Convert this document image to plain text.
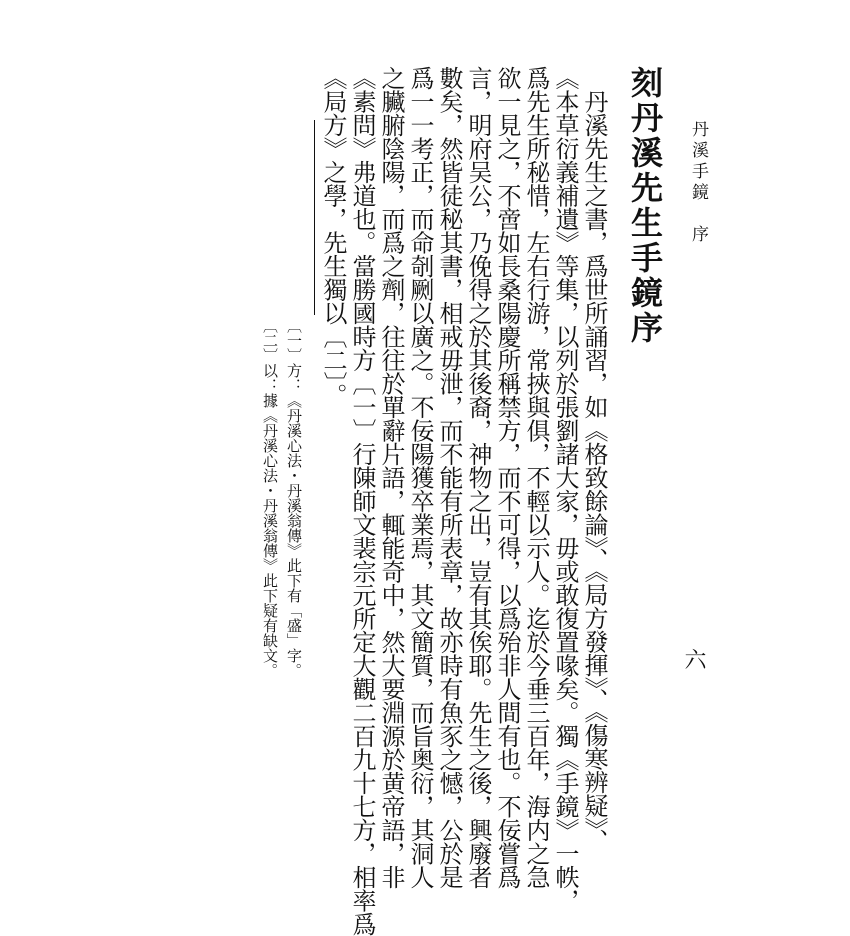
丹溪手鏡　序
六
刻丹溪先生手鏡序

　丹溪先生之書，爲世所誦習，如《格致餘論》、《局方發揮》、《傷寒辨疑》、

《本草衍義補遺》等集，以列於張劉諸大家，毋或敢復置喙矣。獨《手鏡》一帙，

爲先生所秘惜，左右行游，常挾與俱，不輕以示人。迄於今垂三百年，海内之急

欲一見之，不啻如長桑陽慶所稱禁方，而不可得，以爲殆非人間有也。不佞嘗爲

言，明府吴公，乃俛得之於其後裔，神物之出，豈有其俟耶。先生之後，興廢者

數矣，然皆徒秘其書，相戒毋泄，而不能有所表章，故亦時有魚豕之憾，公於是

爲一一考正，而命剞劂以廣之。不佞陽獲卒業焉，其文簡質，而旨奥衍，其洞人

之臟腑陰陽，而爲之劑，往往於單辭片語，輒能奇中，然大要淵源於黄帝語，非

《素問》弗道也。當勝國時方〔一〕行陳師文裴宗元所定大觀二百九十七方，相率爲

《局方》之學，先生獨以〔二〕。

〔一〕方：《丹溪心法・丹溪翁傳》此下有「盛」字。

〔二〕以：據《丹溪心法・丹溪翁傳》此下疑有缺文。
